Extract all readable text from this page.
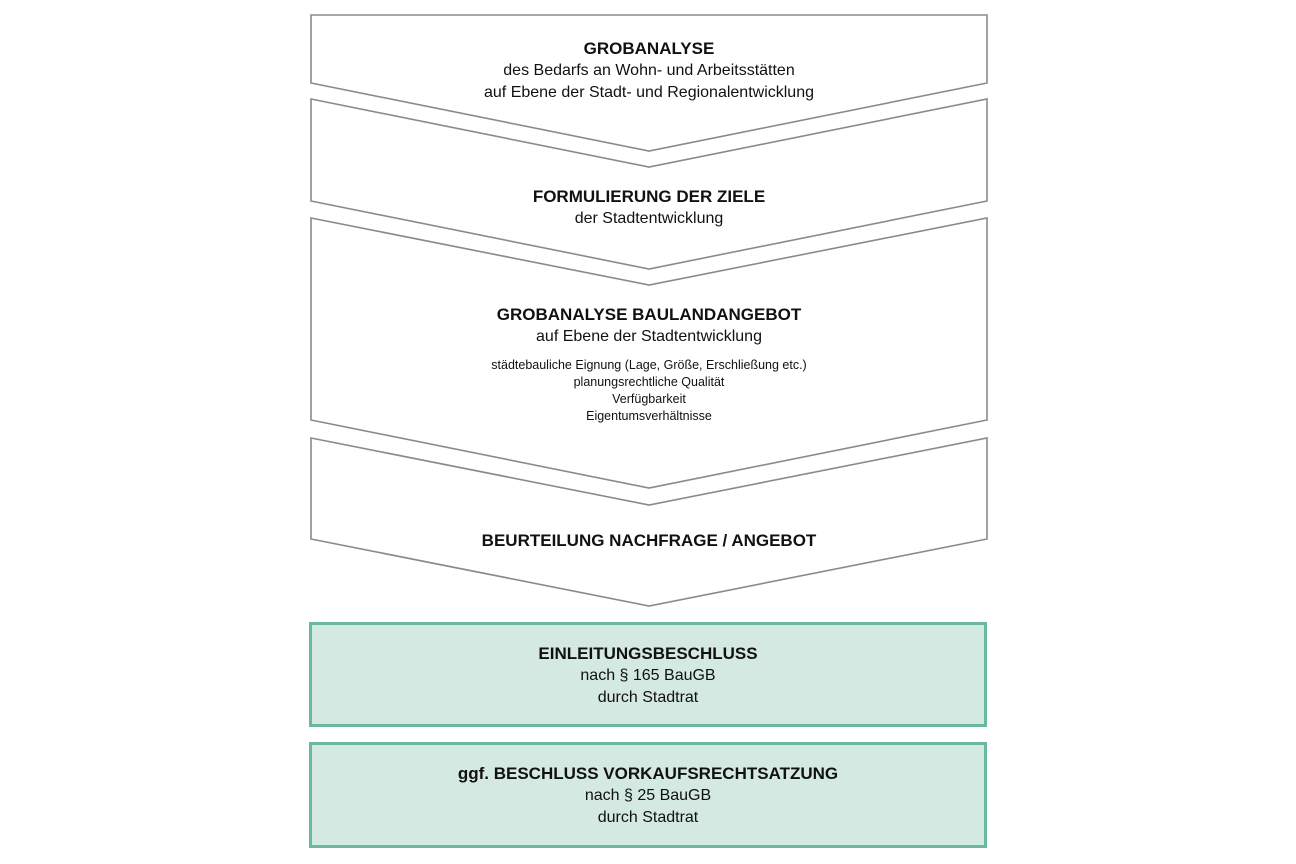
GROBANALYSE
des Bedarfs an Wohn- und Arbeitsstätten
auf Ebene der Stadt- und Regionalentwicklung
FORMULIERUNG DER ZIELE
der Stadtentwicklung
GROBANALYSE BAULANDANGEBOT
auf Ebene der Stadtentwicklung
städtebauliche Eignung (Lage, Größe, Erschließung etc.)
planungsrechtliche Qualität
Verfügbarkeit
Eigentumsverhältnisse
BEURTEILUNG NACHFRAGE / ANGEBOT
EINLEITUNGSBESCHLUSS
nach § 165 BauGB
durch Stadtrat
ggf. BESCHLUSS VORKAUFSRECHTSATZUNG
nach § 25 BauGB
durch Stadtrat
